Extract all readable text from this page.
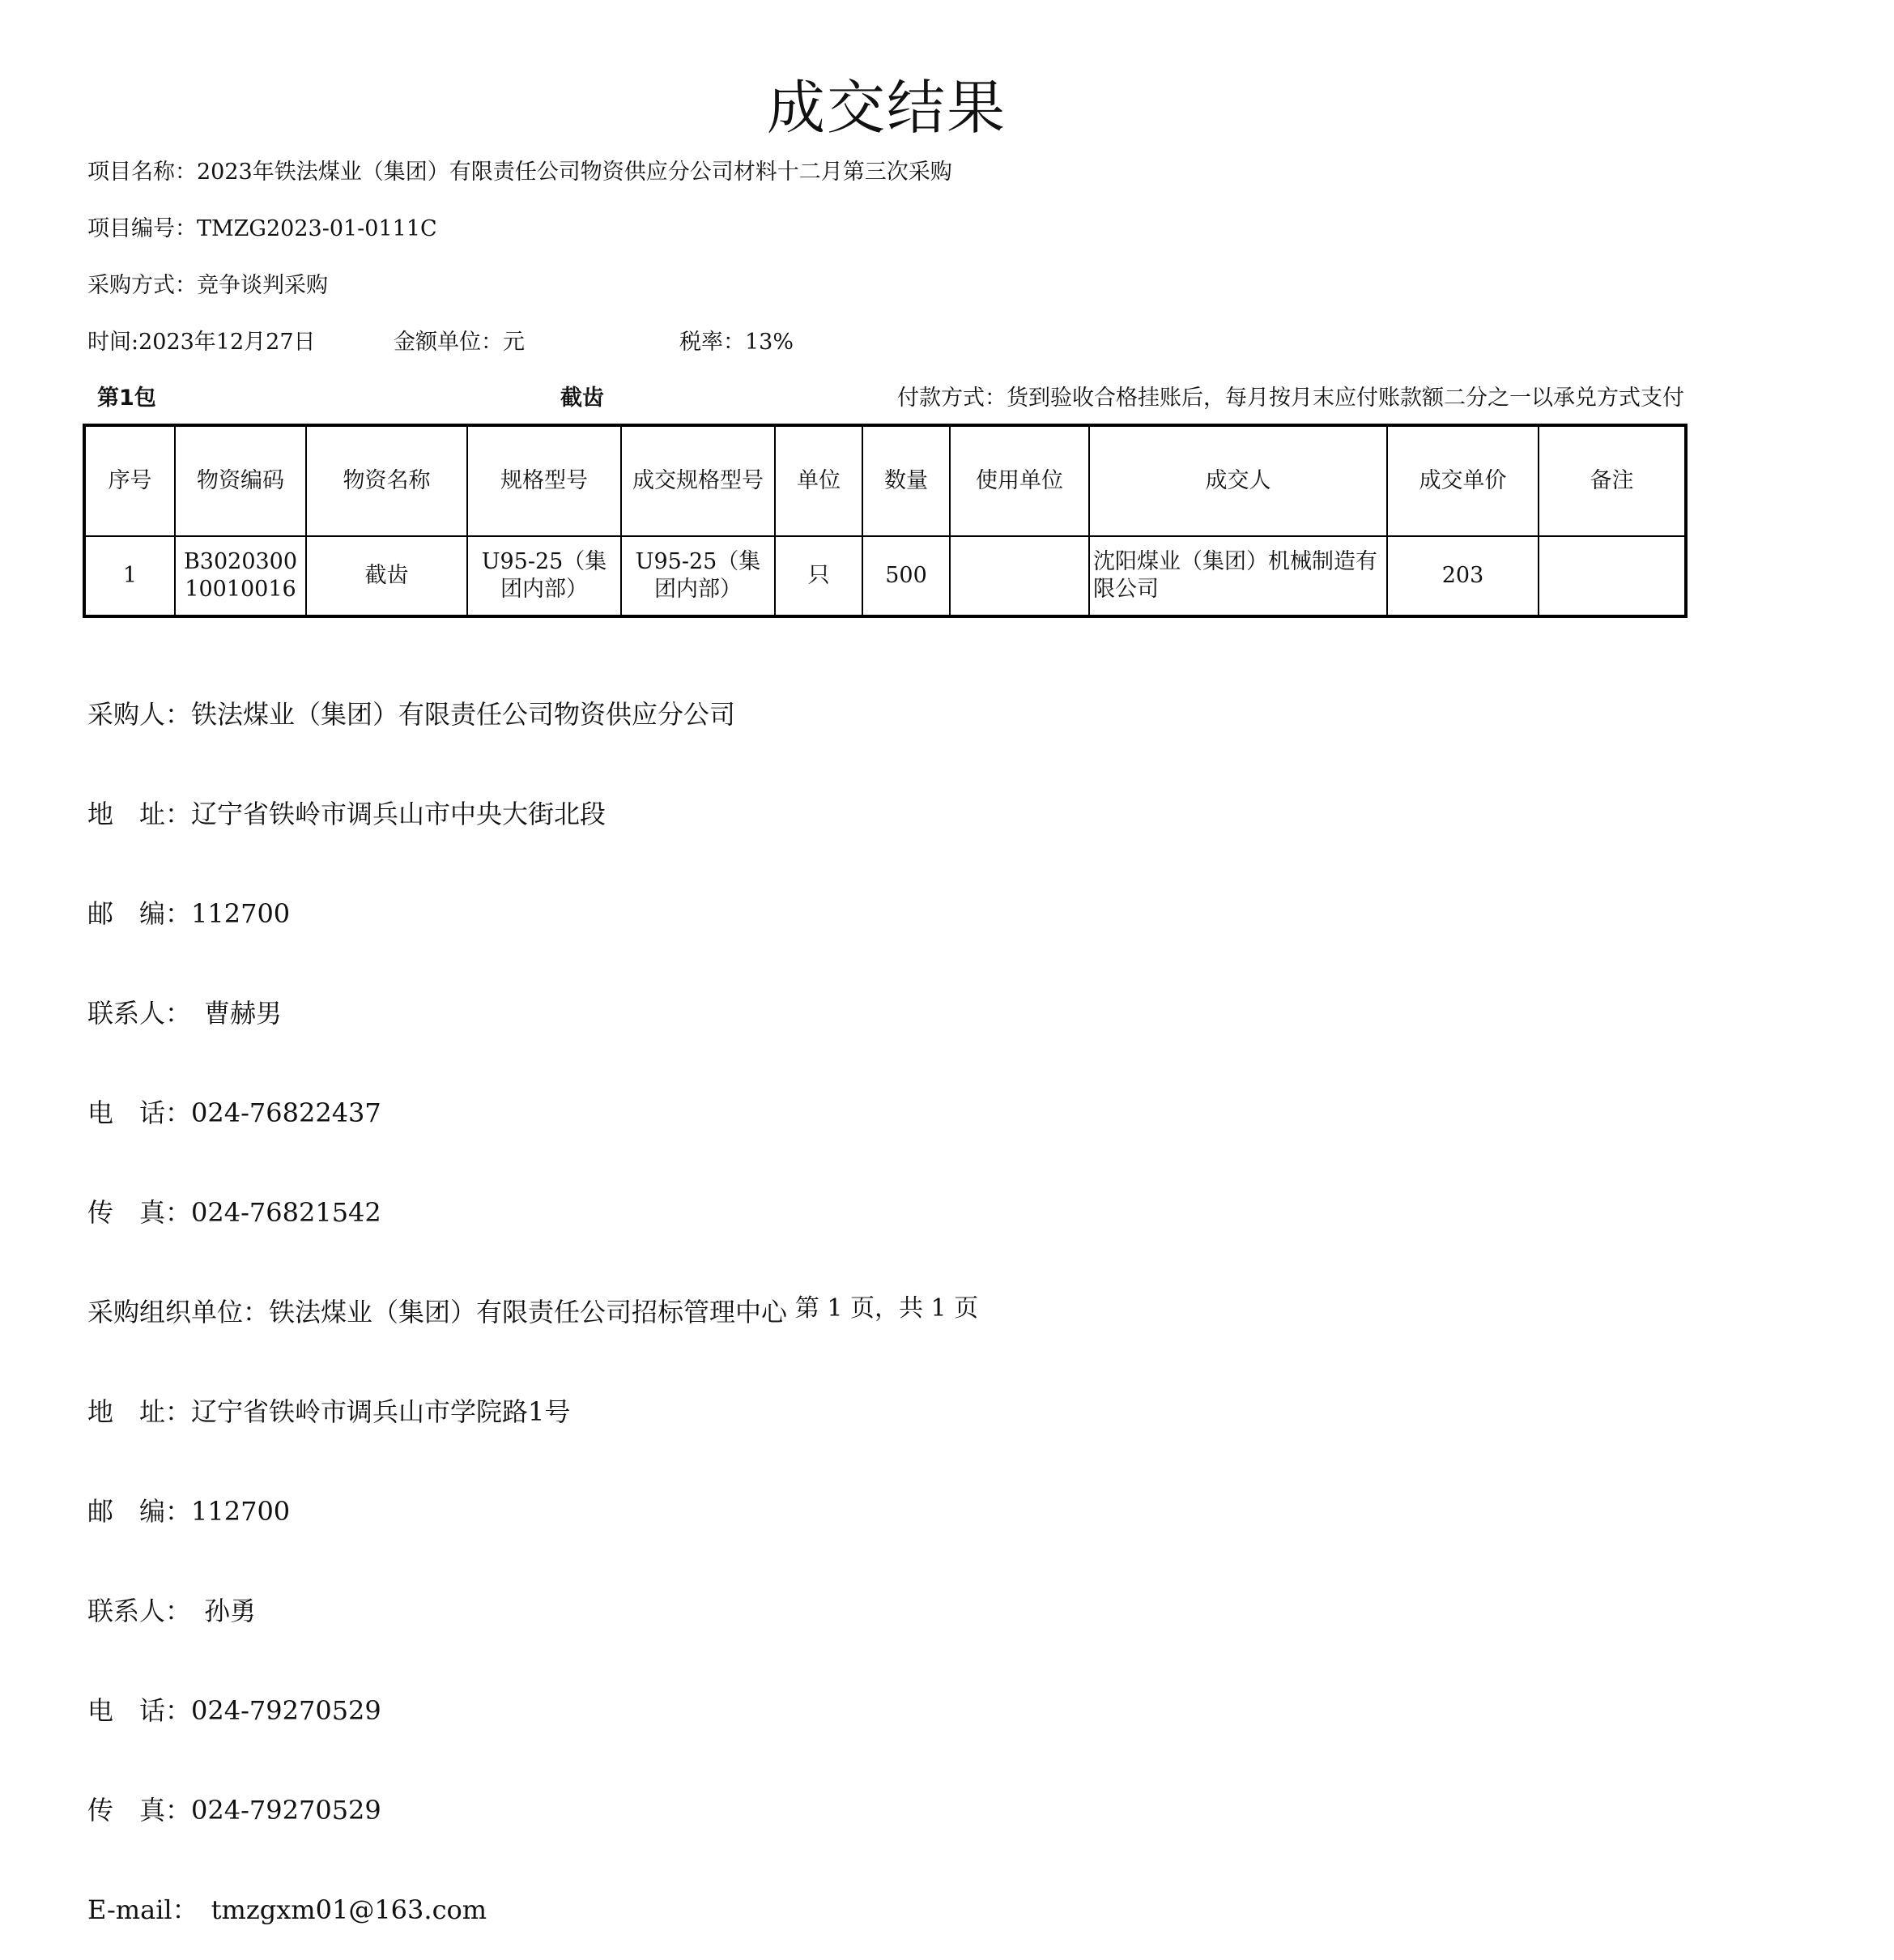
成交结果
项目名称：2023年铁法煤业（集团）有限责任公司物资供应分公司材料十二月第三次采购
项目编号：TMZG2023-01-0111C
采购方式：竞争谈判采购
时间:2023年12月27日	金额单位：元	税率：13%
第1包	截齿	付款方式：货到验收合格挂账后，每月按月末应付账款额二分之一以承兑方式支付
序号	物资编码	物资名称	规格型号	成交规格型号	单位	数量	使用单位	成交人	成交单价	备注
1	B302030010010016	截齿	U95-25（集团内部）	U95-25（集团内部）	只	500		沈阳煤业（集团）机械制造有限公司	203	

采购人：铁法煤业（集团）有限责任公司物资供应分公司

地　址：辽宁省铁岭市调兵山市中央大街北段

邮　编：112700

联系人：　曹赫男

电　话：024-76822437

传　真：024-76821542

采购组织单位：铁法煤业（集团）有限责任公司招标管理中心

地　址：辽宁省铁岭市调兵山市学院路1号

邮　编：112700

联系人：　孙勇

电　话：024-79270529

传　真：024-79270529

E-mail：　tmzgxm01@163.com

第 1 页，共 1 页
